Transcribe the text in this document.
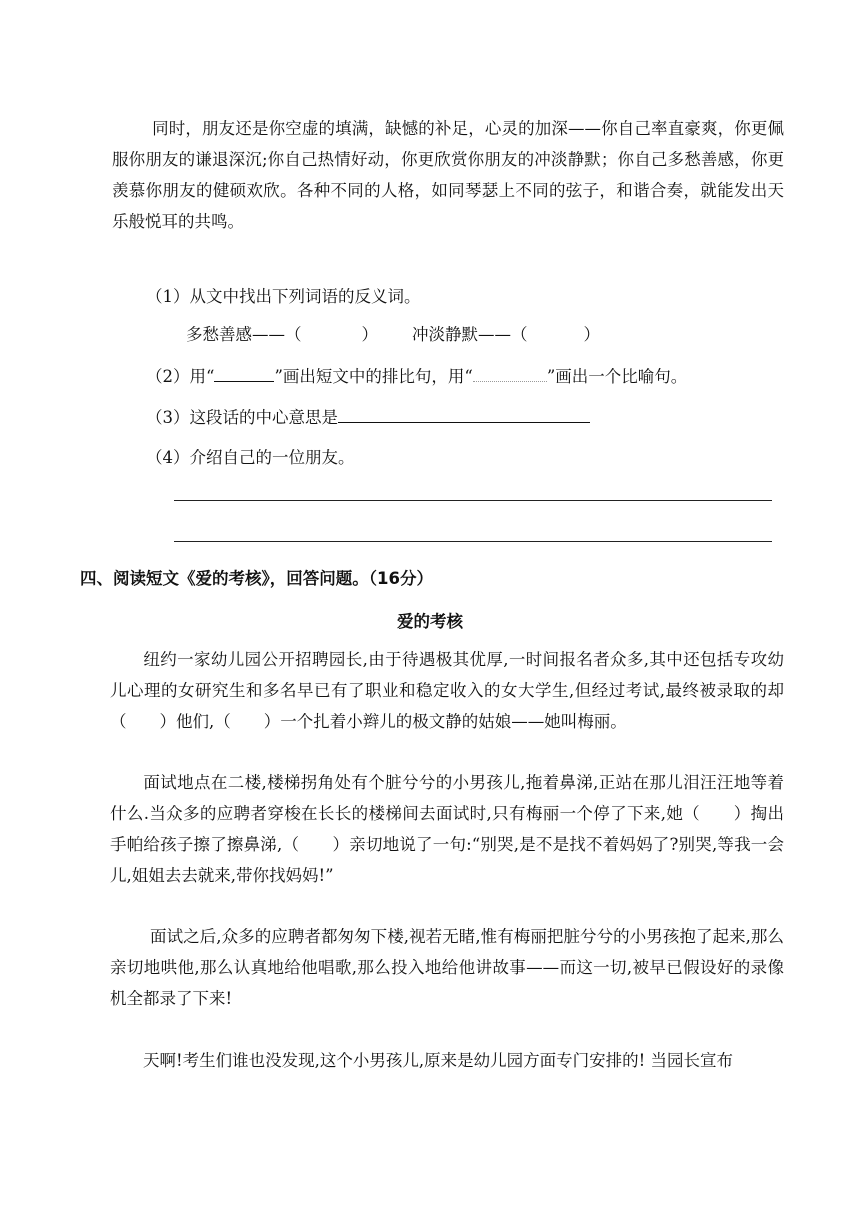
同时，朋友还是你空虚的填满，缺憾的补足，心灵的加深——你自己率直豪爽，你更佩服你朋友的谦退深沉;你自己热情好动，你更欣赏你朋友的冲淡静默；你自己多愁善感，你更羡慕你朋友的健硕欢欣。各种不同的人格，如同琴瑟上不同的弦子，和谐合奏，就能发出天乐般悦耳的共鸣。

（1）从文中找出下列词语的反义词。

多愁善感——（	） 冲淡静默——（	）

（2）用“	”画出短文中的排比句，用“	”画出一个比喻句。

（3）这段话的中心意思是

（4）介绍自己的一位朋友。

四、阅读短文《爱的考核》，回答问题。（16分）

爱的考核

纽约一家幼儿园公开招聘园长,由于待遇极其优厚,一时间报名者众多,其中还包括专攻幼儿心理的女研究生和多名早已有了职业和稳定收入的女大学生,但经过考试,最终被录取的却（　　）他们,（　　）一个扎着小辫儿的极文静的姑娘——她叫梅丽。

面试地点在二楼,楼梯拐角处有个脏兮兮的小男孩儿,拖着鼻涕,正站在那儿泪汪汪地等着什么.当众多的应聘者穿梭在长长的楼梯间去面试时,只有梅丽一个停了下来,她（　　）掏出手帕给孩子擦了擦鼻涕,（　　）亲切地说了一句:“别哭,是不是找不着妈妈了?别哭,等我一会儿,姐姐去去就来,带你找妈妈!”

面试之后,众多的应聘者都匆匆下楼,视若无睹,惟有梅丽把脏兮兮的小男孩抱了起来,那么亲切地哄他,那么认真地给他唱歌,那么投入地给他讲故事——而这一切,被早已假设好的录像机全都录了下来!

天啊!考生们谁也没发现,这个小男孩儿,原来是幼儿园方面专门安排的! 当园长宣布
